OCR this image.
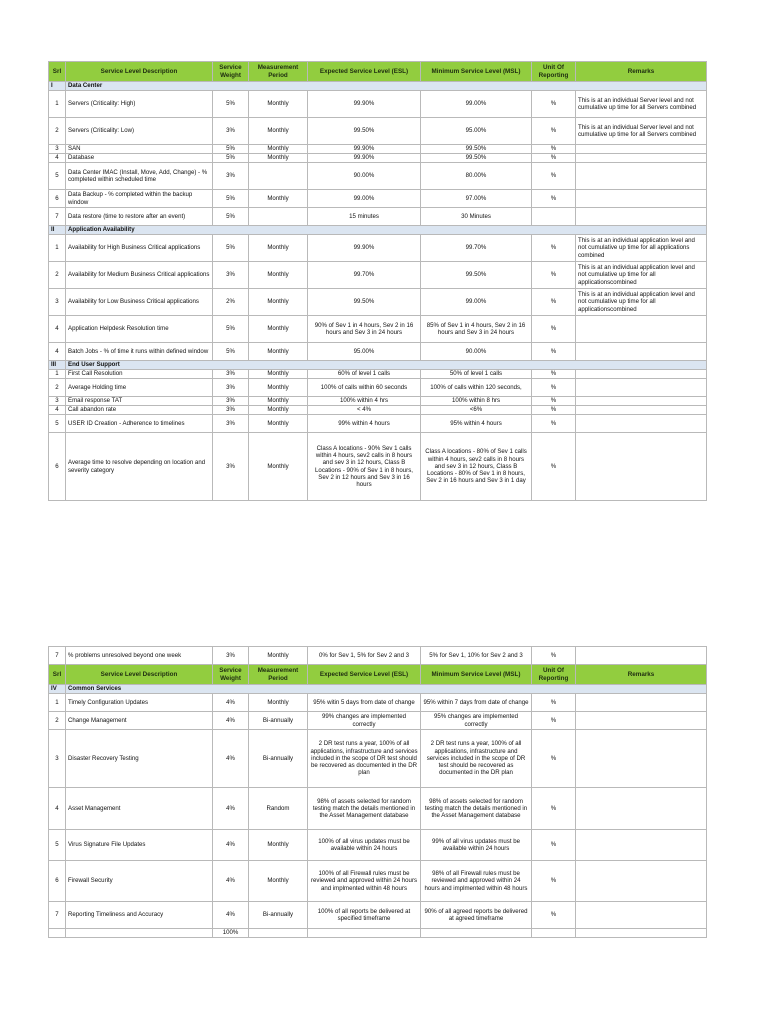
Srl	Service Level Description	Service Weight	Measurement Period	Expected Service Level (ESL)	Minimum Service Level (MSL)	Unit Of Reporting	Remarks
I	Data Center						
1	Servers (Criticality: High)	5%	Monthly	99.90%	99.00%	%	This is at an individual Server level and not cumulative up time for all Servers combined
2	Servers (Criticality: Low)	3%	Monthly	99.50%	95.00%	%	This is at an individual Server level and not cumulative up time for all Servers combined
3	SAN	5%	Monthly	99.90%	99.50%	%	
4	Database	5%	Monthly	99.90%	99.50%	%	
5	Data Center IMAC (Install, Move, Add, Change) - % completed within scheduled time	3%		90.00%	80.00%	%	
6	Data Backup - % completed within the backup window	5%	Monthly	99.00%	97.00%	%	
7	Data restore (time to restore after an event)	5%		15 minutes	30 Minutes		
II	Application Availability						
1	Availability for High Business Critical applications	5%	Monthly	99.90%	99.70%	%	This is at an individual application level and not cumulative up time for all applications combined
2	Availability for Medium Business Critical applications	3%	Monthly	99.70%	99.50%	%	This is at an individual application level and not cumulative up time for all applicationscombined
3	Availability for Low Business Critical applications	2%	Monthly	99.50%	99.00%	%	This is at an individual application level and not cumulative up time for all applicationscombined
4	Application Helpdesk Resolution time	5%	Monthly	90% of Sev 1 in 4 hours, Sev 2 in 16 hours and Sev 3 in 24 hours	85% of Sev 1 in 4 hours, Sev 2 in 16 hours and Sev 3 in 24 hours	%	
4	Batch Jobs - % of time it runs within defined window	5%	Monthly	95.00%	90.00%	%	
III	End User Support						
1	First Call Resolution	3%	Monthly	60% of level 1 calls	50% of level 1 calls	%	
2	Average Holding time	3%	Monthly	100% of calls within 60 seconds	100% of calls within 120 seconds,	%	
3	Email response TAT	3%	Monthly	100% within 4 hrs	100% within 8 hrs	%	
4	Call abandon rate	3%	Monthly	< 4%	<6%	%	
5	USER ID Creation - Adherence to timelines	3%	Monthly	99% within 4 hours	95% within 4 hours	%	
6	Average time to resolve depending on location and severity category	3%	Monthly	Class A locations - 90% Sev 1 calls within 4 hours, sev2 calls in 8 hours and sev 3 in 12 hours, Class B Locations - 90% of Sev 1 in 8 hours, Sev 2 in 12 hours and Sev 3 in 16 hours	Class A locations - 80% of Sev 1 calls within 4 hours, sev2 calls in 8 hours and sev 3 in 12 hours, Class B Locations - 80% of Sev 1 in 8 hours, Sev 2 in 16 hours and Sev 3 in 1 day	%	
7	% problems unresolved beyond one week	3%	Monthly	0% for Sev 1, 5% for Sev 2 and 3	5% for Sev 1, 10% for Sev 2 and 3	%	
Srl	Service Level Description	Service Weight	Measurement Period	Expected Service Level (ESL)	Minimum Service Level (MSL)	Unit Of Reporting	Remarks
IV	Common Services						
1	Timely Configuration Updates	4%	Monthly	95% witin 5 days from date of change	95% within 7 days from date of change	%	
2	Change Management	4%	Bi-annually	99% changes are implemented correctly	95% changes are implemented correctly	%	
3	Disaster Recovery Testing	4%	Bi-annually	2 DR test runs a year, 100% of all applications, infrastructure and services included in the scope of DR test should be recovered as documented in the DR plan	2 DR test runs a year, 100% of all applications, infrastructure and services included in the scope of DR test should be recovered as documented in the DR plan	%	
4	Asset Management	4%	Random	98% of assets selected for random testing match the details mentioned in the Asset Management database	98% of assets selected for random testing match the details mentioned in the Asset Management database	%	
5	Virus Signature File Updates	4%	Monthly	100% of all virus updates must be available within 24 hours	99% of all virus updates must be available within 24 hours	%	
6	Firewall Security	4%	Monthly	100% of all Firewall rules must be reviewed and approved within 24 hours and implmented within 48 hours	98% of all Firewall rules must be reviewed and approved within 24 hours and implmented within 48 hours	%	
7	Reporting Timeliness and Accuracy	4%	Bi-annually	100% of all reports be delivered at specified timeframe	90% of all agreed reports be delivered at agreed timeframe	%	
		100%					
